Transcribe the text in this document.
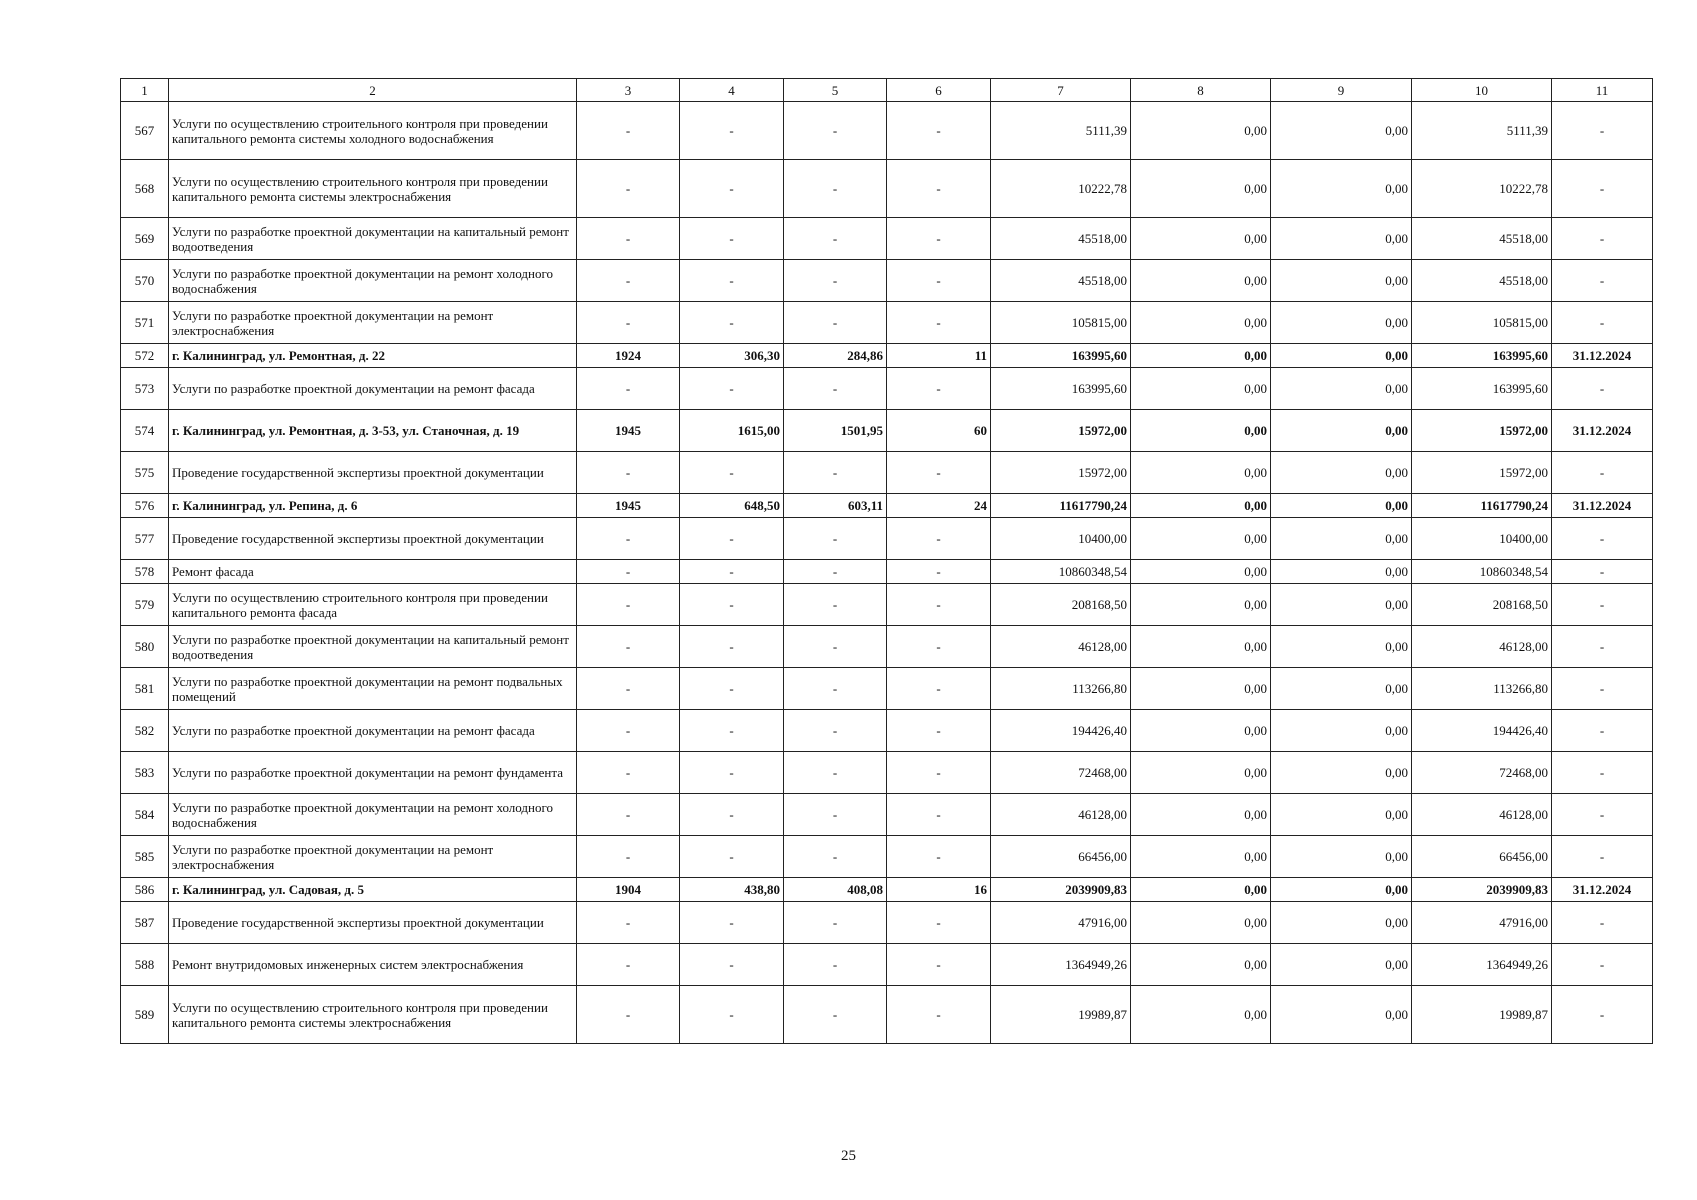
1	2	3	4	5	6	7	8	9	10	11
567	Услуги по осуществлению строительного контроля при проведении капитального ремонта системы холодного водоснабжения	-	-	-	-	5111,39	0,00	0,00	5111,39	-
568	Услуги по осуществлению строительного контроля при проведении капитального ремонта системы электроснабжения	-	-	-	-	10222,78	0,00	0,00	10222,78	-
569	Услуги по разработке проектной документации на капитальный ремонт водоотведения	-	-	-	-	45518,00	0,00	0,00	45518,00	-
570	Услуги по разработке проектной документации на ремонт холодного водоснабжения	-	-	-	-	45518,00	0,00	0,00	45518,00	-
571	Услуги по разработке проектной документации на ремонт электроснабжения	-	-	-	-	105815,00	0,00	0,00	105815,00	-
572	г. Калининград, ул. Ремонтная, д. 22	1924	306,30	284,86	11	163995,60	0,00	0,00	163995,60	31.12.2024
573	Услуги по разработке проектной документации на ремонт фасада	-	-	-	-	163995,60	0,00	0,00	163995,60	-
574	г. Калининград, ул. Ремонтная, д. 3-53, ул. Станочная, д. 19	1945	1615,00	1501,95	60	15972,00	0,00	0,00	15972,00	31.12.2024
575	Проведение государственной экспертизы проектной документации	-	-	-	-	15972,00	0,00	0,00	15972,00	-
576	г. Калининград, ул. Репина, д. 6	1945	648,50	603,11	24	11617790,24	0,00	0,00	11617790,24	31.12.2024
577	Проведение государственной экспертизы проектной документации	-	-	-	-	10400,00	0,00	0,00	10400,00	-
578	Ремонт фасада	-	-	-	-	10860348,54	0,00	0,00	10860348,54	-
579	Услуги по осуществлению строительного контроля при проведении капитального ремонта фасада	-	-	-	-	208168,50	0,00	0,00	208168,50	-
580	Услуги по разработке проектной документации на капитальный ремонт водоотведения	-	-	-	-	46128,00	0,00	0,00	46128,00	-
581	Услуги по разработке проектной документации на ремонт подвальных помещений	-	-	-	-	113266,80	0,00	0,00	113266,80	-
582	Услуги по разработке проектной документации на ремонт фасада	-	-	-	-	194426,40	0,00	0,00	194426,40	-
583	Услуги по разработке проектной документации на ремонт фундамента	-	-	-	-	72468,00	0,00	0,00	72468,00	-
584	Услуги по разработке проектной документации на ремонт холодного водоснабжения	-	-	-	-	46128,00	0,00	0,00	46128,00	-
585	Услуги по разработке проектной документации на ремонт электроснабжения	-	-	-	-	66456,00	0,00	0,00	66456,00	-
586	г. Калининград, ул. Садовая, д. 5	1904	438,80	408,08	16	2039909,83	0,00	0,00	2039909,83	31.12.2024
587	Проведение государственной экспертизы проектной документации	-	-	-	-	47916,00	0,00	0,00	47916,00	-
588	Ремонт внутридомовых инженерных систем электроснабжения	-	-	-	-	1364949,26	0,00	0,00	1364949,26	-
589	Услуги по осуществлению строительного контроля при проведении капитального ремонта системы электроснабжения	-	-	-	-	19989,87	0,00	0,00	19989,87	-
25
